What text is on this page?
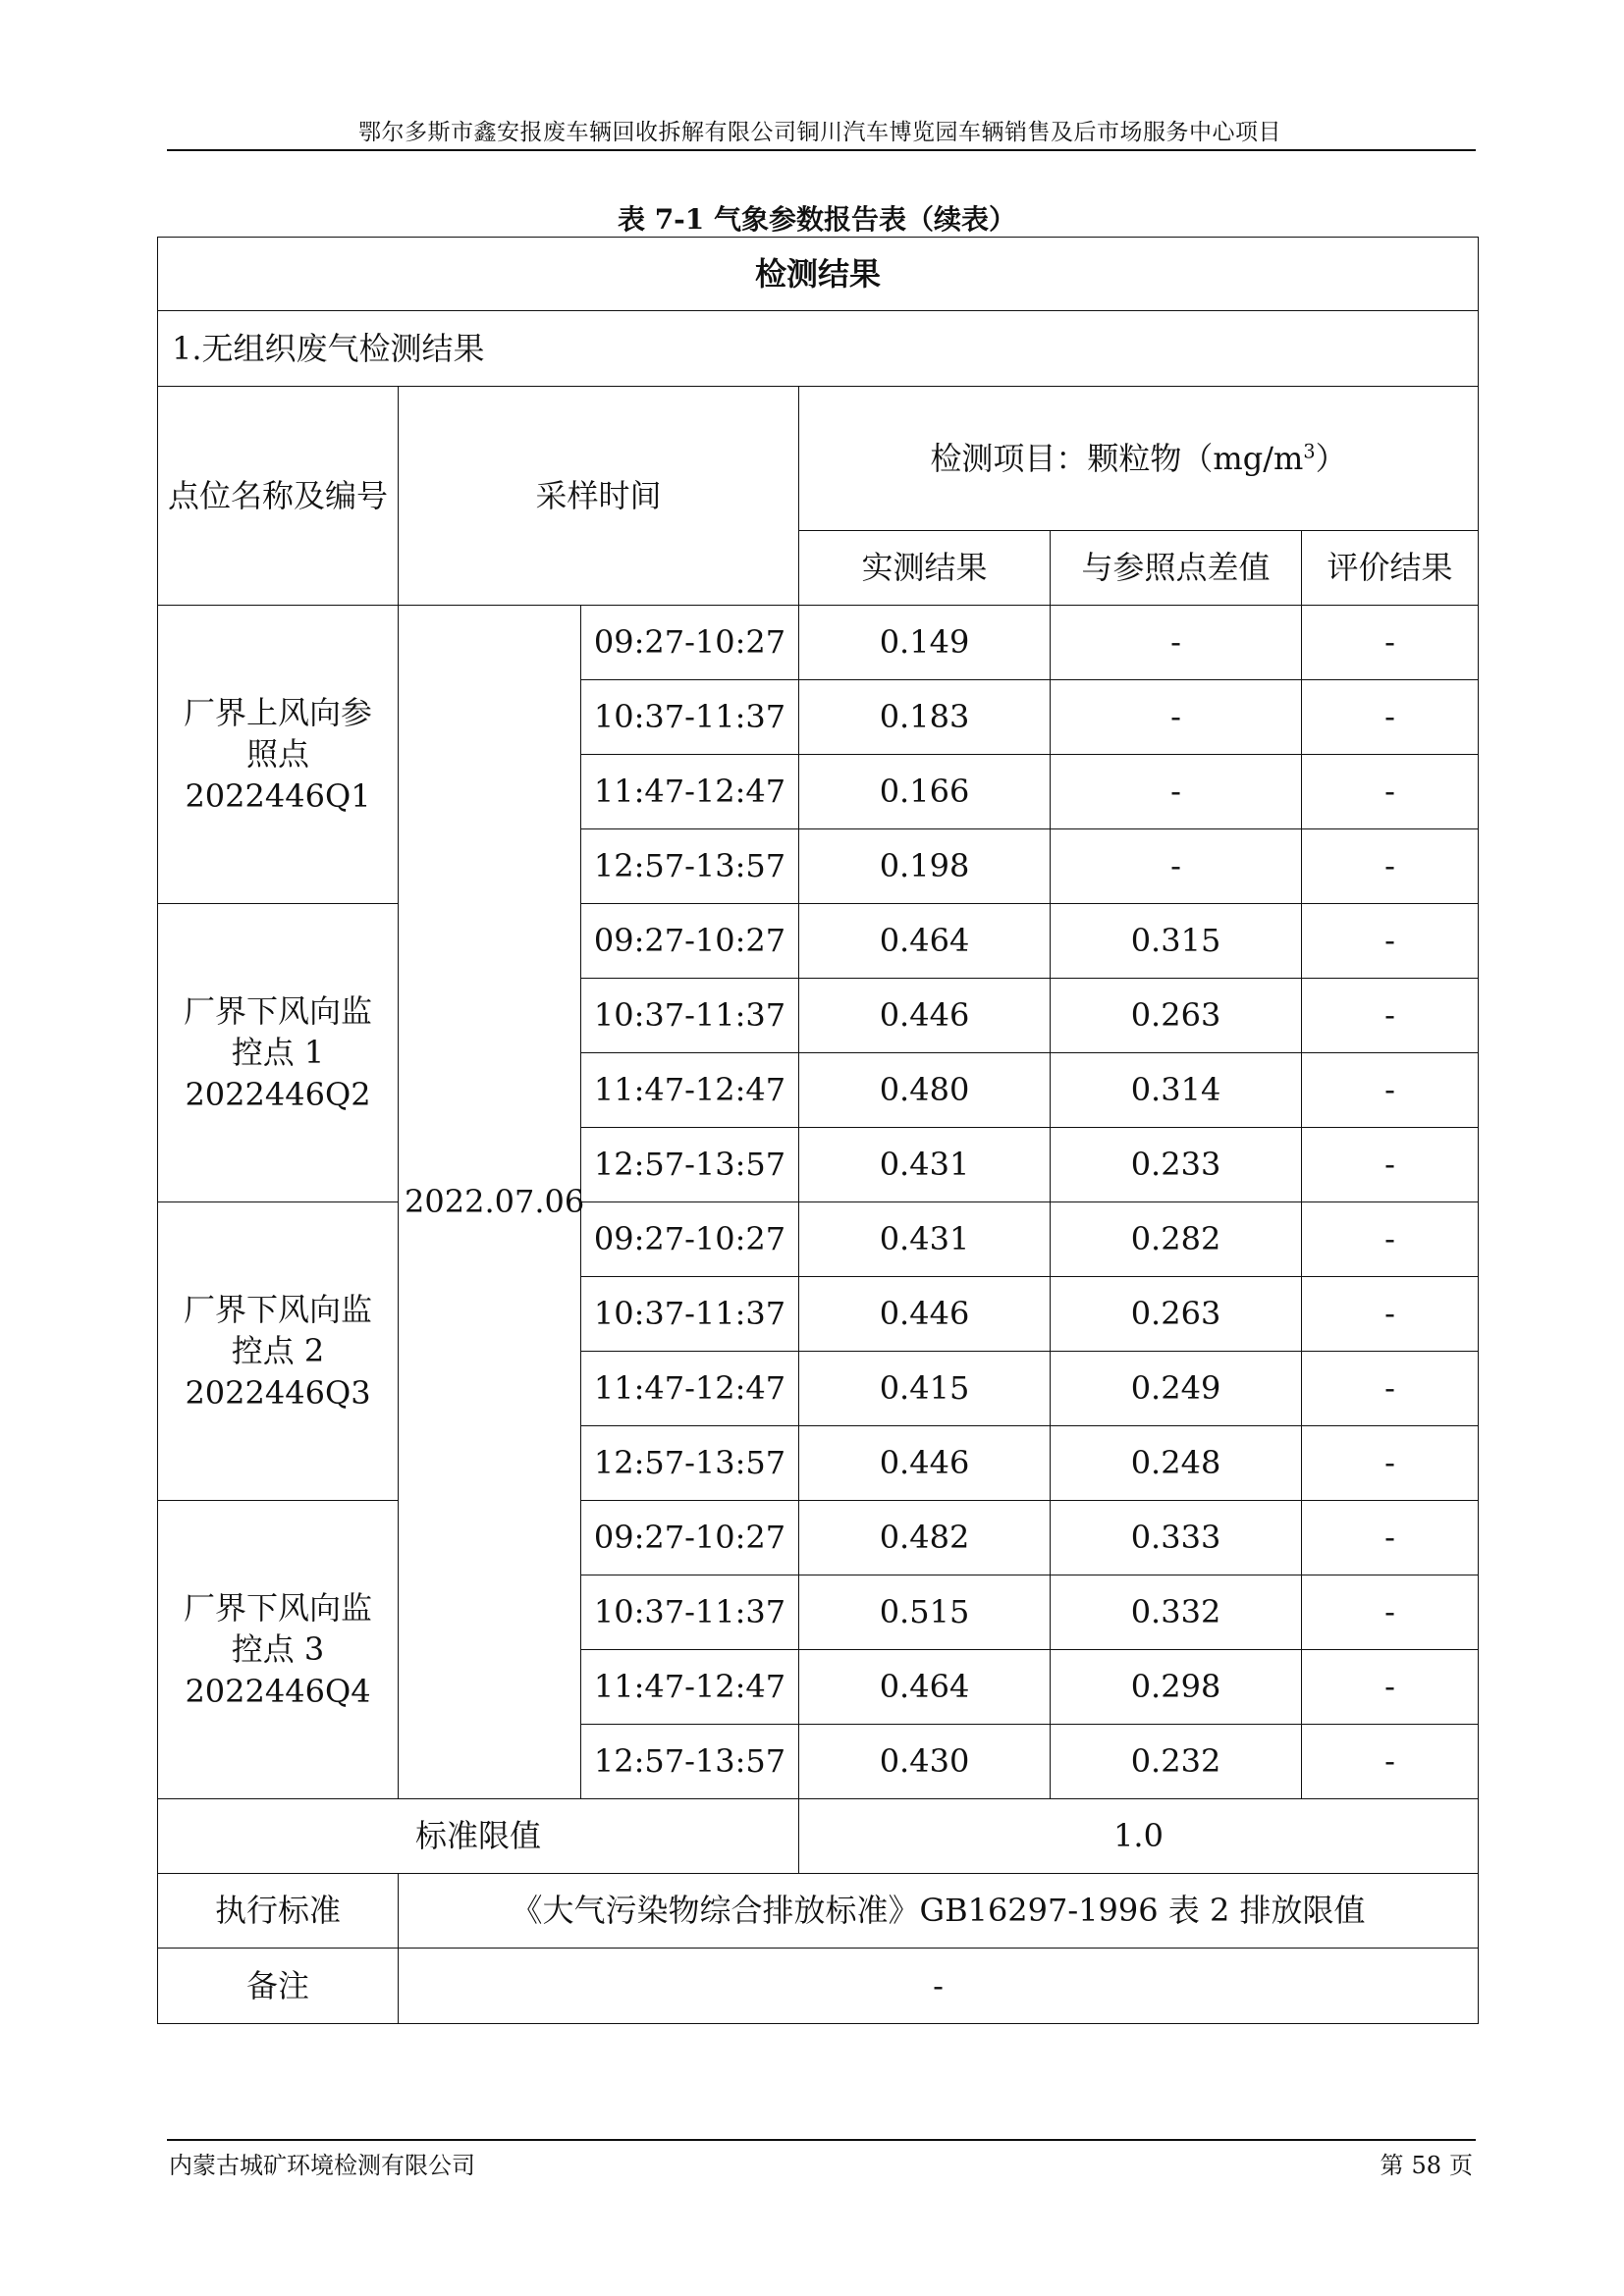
鄂尔多斯市鑫安报废车辆回收拆解有限公司铜川汽车博览园车辆销售及后市场服务中心项目
表 7-1 气象参数报告表（续表）
检测结果					
1.无组织废气检测结果					
点位名称及编号	采样时间		检测项目：颗粒物$(mg/m^3)$		
			实测结果	与参照点差值	评价结果

厂界上风向参
照点
2022446Q1	2022.07.06	09:27-10:27	0.149	-	-
		10:37-11:37	0.183	-	-
		11:47-12:47	0.166	-	-
		12:57-13:57	0.198	-	-

厂界下风向监
控点 1
2022446Q2		09:27-10:27	0.464	0.315	-
		10:37-11:37	0.446	0.263	-
		11:47-12:47	0.480	0.314	-
		12:57-13:57	0.431	0.233	-

厂界下风向监
控点 2
2022446Q3		09:27-10:27	0.431	0.282	-
		10:37-11:37	0.446	0.263	-
		11:47-12:47	0.415	0.249	-
		12:57-13:57	0.446	0.248	-

厂界下风向监
控点 3
2022446Q4		09:27-10:27	0.482	0.333	-
		10:37-11:37	0.515	0.332	-
		11:47-12:47	0.464	0.298	-
		12:57-13:57	0.430	0.232	-
标准限值			1.0		
执行标准	《大气污染物综合排放标准》GB16297-1996 表 2 排放限值				
备注	-				
内蒙古城矿环境检测有限公司	第 58 页
